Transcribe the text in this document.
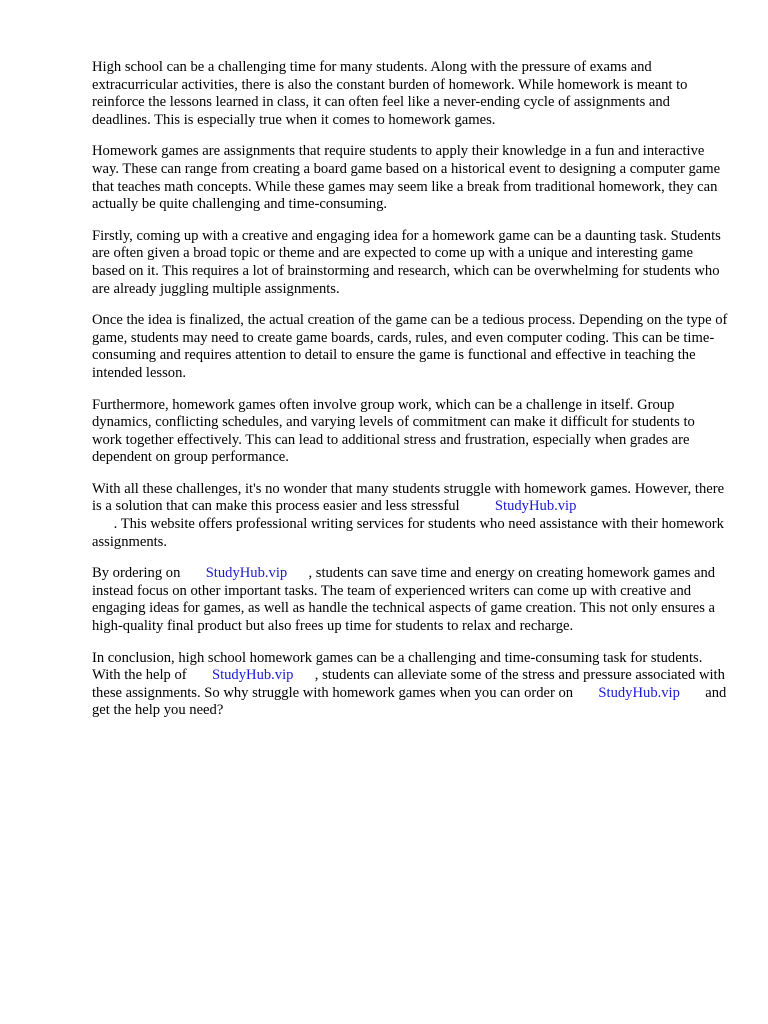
High school can be a challenging time for many students. Along with the pressure of exams and extracurricular activities, there is also the constant burden of homework. While homework is meant to reinforce the lessons learned in class, it can often feel like a never-ending cycle of assignments and deadlines. This is especially true when it comes to homework games.

Homework games are assignments that require students to apply their knowledge in a fun and interactive way. These can range from creating a board game based on a historical event to designing a computer game that teaches math concepts. While these games may seem like a break from traditional homework, they can actually be quite challenging and time-consuming.

Firstly, coming up with a creative and engaging idea for a homework game can be a daunting task. Students are often given a broad topic or theme and are expected to come up with a unique and interesting game based on it. This requires a lot of brainstorming and research, which can be overwhelming for students who are already juggling multiple assignments.

Once the idea is finalized, the actual creation of the game can be a tedious process. Depending on the type of game, students may need to create game boards, cards, rules, and even computer coding. This can be time-consuming and requires attention to detail to ensure the game is functional and effective in teaching the intended lesson.

Furthermore, homework games often involve group work, which can be a challenge in itself. Group dynamics, conflicting schedules, and varying levels of commitment can make it difficult for students to work together effectively. This can lead to additional stress and frustration, especially when grades are dependent on group performance.

With all these challenges, it's no wonder that many students struggle with homework games. However, there is a solution that can make this process easier and less stressful StudyHub.vip
. This website offers professional writing services for students who need assistance with their homework assignments.

By ordering on StudyHub.vip , students can save time and energy on creating homework games and instead focus on other important tasks. The team of experienced writers can come up with creative and engaging ideas for games, as well as handle the technical aspects of game creation. This not only ensures a high-quality final product but also frees up time for students to relax and recharge.

In conclusion, high school homework games can be a challenging and time-consuming task for students. With the help of StudyHub.vip , students can alleviate some of the stress and pressure associated with these assignments. So why struggle with homework games when you can order on StudyHub.vip and get the help you need?
